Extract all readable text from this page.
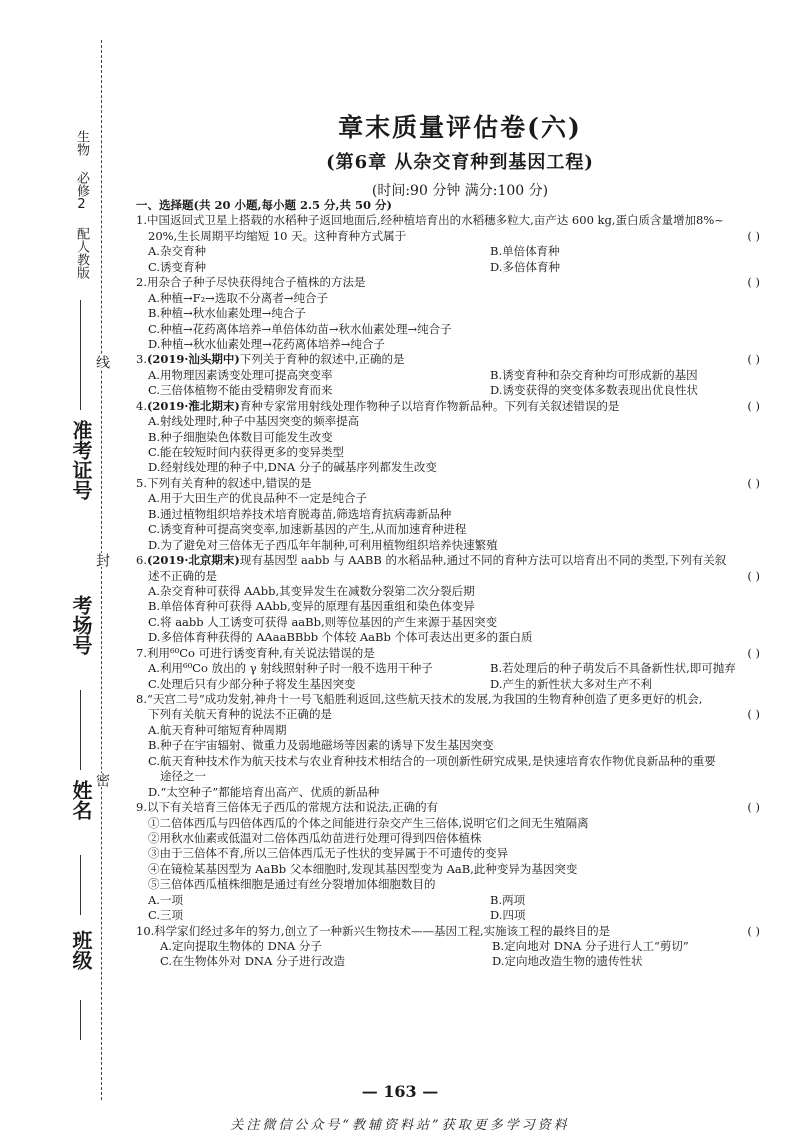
生物 必修2 配人教版
准考证号
考场号
姓名
班级
线
封
密
章末质量评估卷(六)
(第6章 从杂交育种到基因工程)
(时间:90 分钟 满分:100 分)
一、选择题(共 20 小题,每小题 2.5 分,共 50 分)
1.中国返回式卫星上搭载的水稻种子返回地面后,经种植培育出的水稻穗多粒大,亩产达 600 kg,蛋白质含量增加8%~
20%,生长周期平均缩短 10 天。这种育种方式属于	( )
A.杂交育种	B.单倍体育种
C.诱变育种	D.多倍体育种
2.用杂合子种子尽快获得纯合子植株的方法是	( )
A.种植→F₂→选取不分离者→纯合子
B.种植→秋水仙素处理→纯合子
C.种植→花药离体培养→单倍体幼苗→秋水仙素处理→纯合子
D.种植→秋水仙素处理→花药离体培养→纯合子
3.(2019·汕头期中)下列关于育种的叙述中,正确的是	( )
A.用物理因素诱变处理可提高突变率	B.诱变育种和杂交育种均可形成新的基因
C.三倍体植物不能由受精卵发育而来	D.诱变获得的突变体多数表现出优良性状
4.(2019·淮北期末)育种专家常用射线处理作物种子以培育作物新品种。下列有关叙述错误的是	( )
A.射线处理时,种子中基因突变的频率提高
B.种子细胞染色体数目可能发生改变
C.能在较短时间内获得更多的变异类型
D.经射线处理的种子中,DNA 分子的碱基序列都发生改变
5.下列有关育种的叙述中,错误的是	( )
A.用于大田生产的优良品种不一定是纯合子
B.通过植物组织培养技术培育脱毒苗,筛选培育抗病毒新品种
C.诱变育种可提高突变率,加速新基因的产生,从而加速育种进程
D.为了避免对三倍体无子西瓜年年制种,可利用植物组织培养快速繁殖
6.(2019·北京期末)现有基因型 aabb 与 AABB 的水稻品种,通过不同的育种方法可以培育出不同的类型,下列有关叙
述不正确的是	( )
A.杂交育种可获得 AAbb,其变异发生在减数分裂第二次分裂后期
B.单倍体育种可获得 AAbb,变异的原理有基因重组和染色体变异
C.将 aabb 人工诱变可获得 aaBb,则等位基因的产生来源于基因突变
D.多倍体育种获得的 AAaaBBbb 个体较 AaBb 个体可表达出更多的蛋白质
7.利用⁶⁰Co 可进行诱变育种,有关说法错误的是	( )
A.利用⁶⁰Co 放出的 γ 射线照射种子时一般不选用干种子	B.若处理后的种子萌发后不具备新性状,即可抛弃
C.处理后只有少部分种子将发生基因突变	D.产生的新性状大多对生产不利
8.“天宫二号”成功发射,神舟十一号飞船胜利返回,这些航天技术的发展,为我国的生物育种创造了更多更好的机会,
下列有关航天育种的说法不正确的是	( )
A.航天育种可缩短育种周期
B.种子在宇宙辐射、微重力及弱地磁场等因素的诱导下发生基因突变
C.航天育种技术作为航天技术与农业育种技术相结合的一项创新性研究成果,是快速培育农作物优良新品种的重要
途径之一
D.“太空种子”都能培育出高产、优质的新品种
9.以下有关培育三倍体无子西瓜的常规方法和说法,正确的有	( )
①二倍体西瓜与四倍体西瓜的个体之间能进行杂交产生三倍体,说明它们之间无生殖隔离
②用秋水仙素或低温对二倍体西瓜幼苗进行处理可得到四倍体植株
③由于三倍体不育,所以三倍体西瓜无子性状的变异属于不可遗传的变异
④在镜检某基因型为 AaBb 父本细胞时,发现其基因型变为 AaB,此种变异为基因突变
⑤三倍体西瓜植株细胞是通过有丝分裂增加体细胞数目的
A.一项	B.两项
C.三项	D.四项
10.科学家们经过多年的努力,创立了一种新兴生物技术——基因工程,实施该工程的最终目的是	( )
A.定向提取生物体的 DNA 分子	B.定向地对 DNA 分子进行人工“剪切”
C.在生物体外对 DNA 分子进行改造	D.定向地改造生物的遗传性状
— 163 —
关注微信公众号“教辅资料站”获取更多学习资料
